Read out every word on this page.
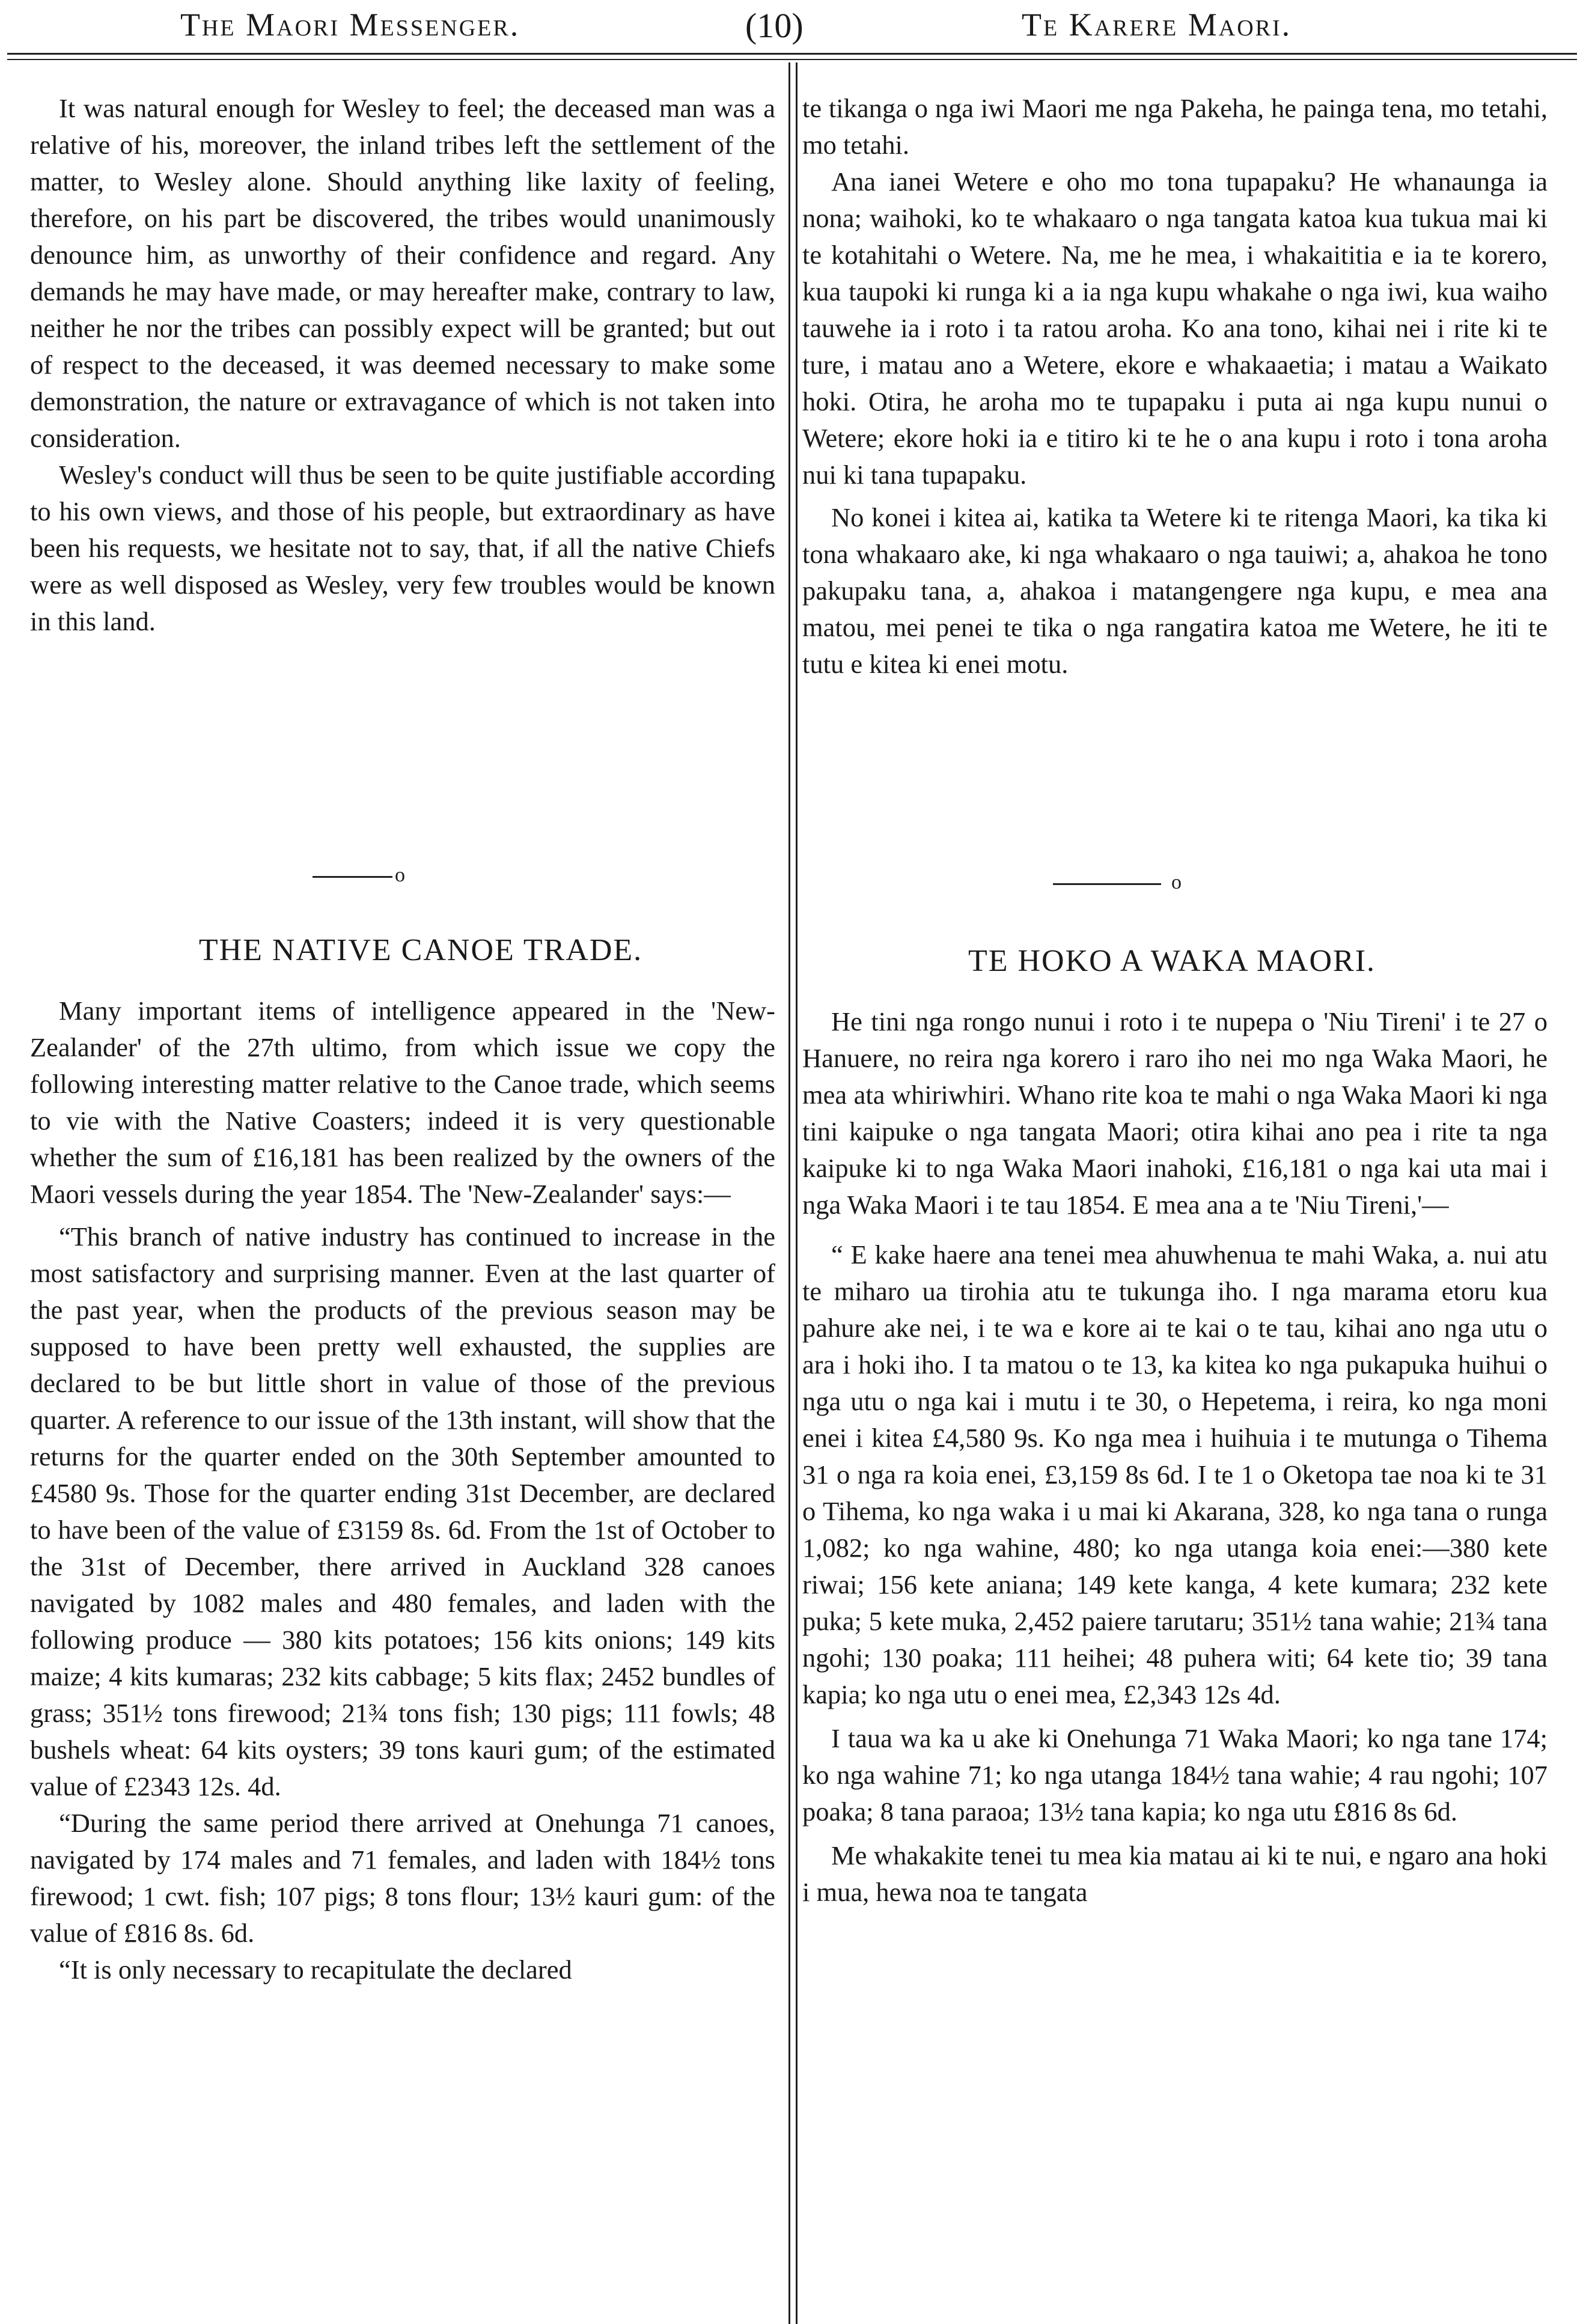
The Maori Messenger.	(10)	Te Karere Maori.

It was natural enough for Wesley to feel; the deceased man was a relative of his, moreover, the inland tribes left the settlement of the matter, to Wesley alone. Should anything like laxity of feeling, therefore, on his part be discovered, the tribes would unanimously denounce him, as unworthy of their confidence and regard. Any demands he may have made, or may hereafter make, contrary to law, neither he nor the tribes can possibly expect will be granted; but out of respect to the deceased, it was deemed necessary to make some demonstration, the nature or extravagance of which is not taken into consideration.

Wesley's conduct will thus be seen to be quite justifiable according to his own views, and those of his people, but extraordinary as have been his requests, we hesitate not to say, that, if all the native Chiefs were as well disposed as Wesley, very few troubles would be known in this land.

o
THE NATIVE CANOE TRADE.

Many important items of intelligence appeared in the 'New-Zealander' of the 27th ultimo, from which issue we copy the following interesting matter relative to the Canoe trade, which seems to vie with the Native Coasters; indeed it is very questionable whether the sum of £16,181 has been realized by the owners of the Maori vessels during the year 1854. The 'New-Zealander' says:—

“This branch of native industry has continued to increase in the most satisfactory and surprising manner. Even at the last quarter of the past year, when the products of the previous season may be supposed to have been pretty well exhausted, the supplies are declared to be but little short in value of those of the previous quarter. A reference to our issue of the 13th instant, will show that the returns for the quarter ended on the 30th September amounted to £4580 9s. Those for the quarter ending 31st December, are declared to have been of the value of £3159 8s. 6d. From the 1st of October to the 31st of December, there arrived in Auckland 328 canoes navigated by 1082 males and 480 females, and laden with the following produce — 380 kits potatoes; 156 kits onions; 149 kits maize; 4 kits kumaras; 232 kits cabbage; 5 kits flax; 2452 bundles of grass; 351½ tons firewood; 21¾ tons fish; 130 pigs; 111 fowls; 48 bushels wheat: 64 kits oysters; 39 tons kauri gum; of the estimated value of £2343 12s. 4d.

“During the same period there arrived at Onehunga 71 canoes, navigated by 174 males and 71 females, and laden with 184½ tons firewood; 1 cwt. fish; 107 pigs; 8 tons flour; 13½ kauri gum: of the value of £816 8s. 6d.

“It is only necessary to recapitulate the declared

te tikanga o nga iwi Maori me nga Pakeha, he painga tena, mo tetahi, mo tetahi.

Ana ianei Wetere e oho mo tona tupapaku? He whanaunga ia nona; waihoki, ko te whakaaro o nga tangata katoa kua tukua mai ki te kotahitahi o Wetere. Na, me he mea, i whakaititia e ia te korero, kua taupoki ki runga ki a ia nga kupu whakahe o nga iwi, kua waiho tauwehe ia i roto i ta ratou aroha. Ko ana tono, kihai nei i rite ki te ture, i matau ano a Wetere, ekore e whakaaetia; i matau a Waikato hoki. Otira, he aroha mo te tupapaku i puta ai nga kupu nunui o Wetere; ekore hoki ia e titiro ki te he o ana kupu i roto i tona aroha nui ki tana tupapaku.

No konei i kitea ai, katika ta Wetere ki te ritenga Maori, ka tika ki tona whakaaro ake, ki nga whakaaro o nga tauiwi; a, ahakoa he tono pakupaku tana, a, ahakoa i matangengere nga kupu, e mea ana matou, mei penei te tika o nga rangatira katoa me Wetere, he iti te tutu e kitea ki enei motu.

o
TE HOKO A WAKA MAORI.

He tini nga rongo nunui i roto i te nupepa o 'Niu Tireni' i te 27 o Hanuere, no reira nga korero i raro iho nei mo nga Waka Maori, he mea ata whiriwhiri. Whano rite koa te mahi o nga Waka Maori ki nga tini kaipuke o nga tangata Maori; otira kihai ano pea i rite ta nga kaipuke ki to nga Waka Maori inahoki, £16,181 o nga kai uta mai i nga Waka Maori i te tau 1854. E mea ana a te 'Niu Tireni,'—

“ E kake haere ana tenei mea ahuwhenua te mahi Waka, a. nui atu te miharo ua tirohia atu te tukunga iho. I nga marama etoru kua pahure ake nei, i te wa e kore ai te kai o te tau, kihai ano nga utu o ara i hoki iho. I ta matou o te 13, ka kitea ko nga pukapuka huihui o nga utu o nga kai i mutu i te 30, o Hepetema, i reira, ko nga moni enei i kitea £4,580 9s. Ko nga mea i huihuia i te mutunga o Tihema 31 o nga ra koia enei, £3,159 8s 6d. I te 1 o Oketopa tae noa ki te 31 o Tihema, ko nga waka i u mai ki Akarana, 328, ko nga tana o runga 1,082; ko nga wahine, 480; ko nga utanga koia enei:—380 kete riwai; 156 kete aniana; 149 kete kanga, 4 kete kumara; 232 kete puka; 5 kete muka, 2,452 paiere tarutaru; 351½ tana wahie; 21¾ tana ngohi; 130 poaka; 111 heihei; 48 puhera witi; 64 kete tio; 39 tana kapia; ko nga utu o enei mea, £2,343 12s 4d.

I taua wa ka u ake ki Onehunga 71 Waka Maori; ko nga tane 174; ko nga wahine 71; ko nga utanga 184½ tana wahie; 4 rau ngohi; 107 poaka; 8 tana paraoa; 13½ tana kapia; ko nga utu £816 8s 6d.

Me whakakite tenei tu mea kia matau ai ki te nui, e ngaro ana hoki i mua, hewa noa te tangata
